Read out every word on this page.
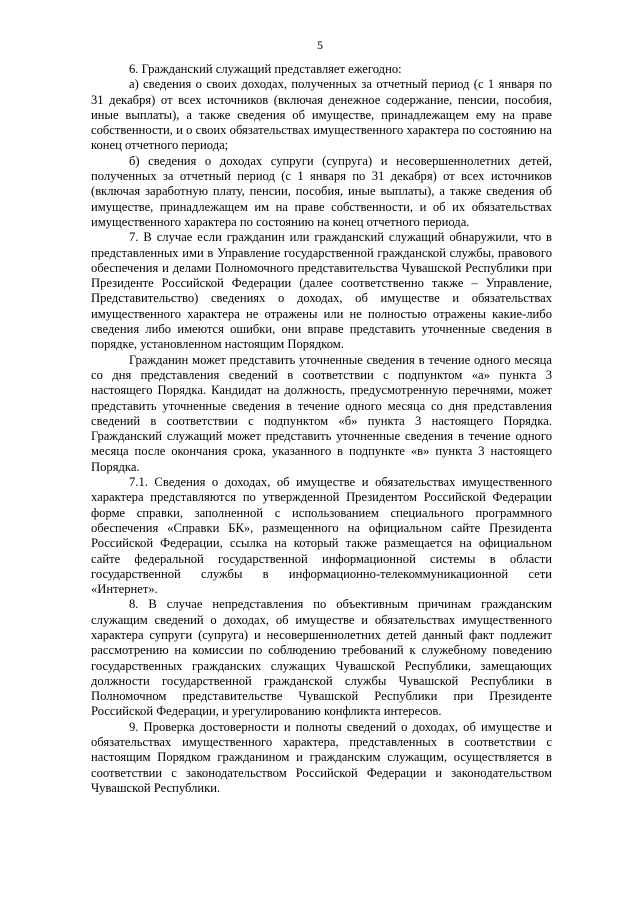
5

6. Гражданский служащий представляет ежегодно:

а) сведения о своих доходах, полученных за отчетный период (с 1 января по 31 декабря) от всех источников (включая денежное содержание, пенсии, пособия, иные выплаты), а также сведения об имуществе, принадлежащем ему на праве собственности, и о своих обязательствах имущественного характера по состоянию на конец отчетного периода;

б) сведения о доходах супруги (супруга) и несовершеннолетних детей, полученных за отчетный период (с 1 января по 31 декабря) от всех источников (включая заработную плату, пенсии, пособия, иные выплаты), а также сведения об имуществе, принадлежащем им на праве собственности, и об их обязательствах имущественного характера по состоянию на конец отчетного периода.

7. В случае если гражданин или гражданский служащий обнаружили, что в представленных ими в Управление государственной гражданской службы, правового обеспечения и делами Полномочного представительства Чувашской Республики при Президенте Российской Федерации (далее соответственно также – Управление, Представительство) сведениях о доходах, об имуществе и обязательствах имущественного характера не отражены или не полностью отражены какие-либо сведения либо имеются ошибки, они вправе представить уточненные сведения в порядке, установленном настоящим Порядком.

Гражданин может представить уточненные сведения в течение одного месяца со дня представления сведений в соответствии с подпунктом «а» пункта 3 настоящего Порядка. Кандидат на должность, предусмотренную перечнями, может представить уточненные сведения в течение одного месяца со дня представления сведений в соответствии с подпунктом «б» пункта 3 настоящего Порядка. Гражданский служащий может представить уточненные сведения в течение одного месяца после окончания срока, указанного в подпункте «в» пункта 3 настоящего Порядка.

7.1. Сведения о доходах, об имуществе и обязательствах имущественного характера представляются по утвержденной Президентом Российской Федерации форме справки, заполненной с использованием специального программного обеспечения «Справки БК», размещенного на официальном сайте Президента Российской Федерации, ссылка на который также размещается на официальном сайте федеральной государственной информационной системы в области государственной службы в информационно-телекоммуникационной сети «Интернет».

8. В случае непредставления по объективным причинам гражданским служащим сведений о доходах, об имуществе и обязательствах имущественного характера супруги (супруга) и несовершеннолетних детей данный факт подлежит рассмотрению на комиссии по соблюдению требований к служебному поведению государственных гражданских служащих Чувашской Республики, замещающих должности государственной гражданской службы Чувашской Республики в Полномочном представительстве Чувашской Республики при Президенте Российской Федерации, и урегулированию конфликта интересов.

9. Проверка достоверности и полноты сведений о доходах, об имуществе и обязательствах имущественного характера, представленных в соответствии с настоящим Порядком гражданином и гражданским служащим, осуществляется в соответствии с законодательством Российской Федерации и законодательством Чувашской Республики.
